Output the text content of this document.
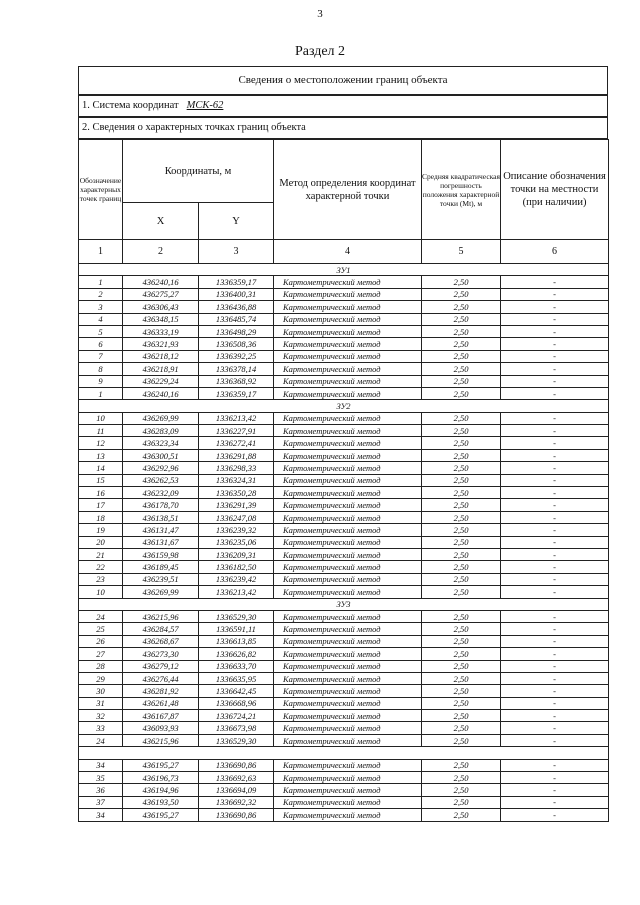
3
Раздел 2
Сведения о местоположении границ объекта
1. Система координат МСК-62
2. Сведения о характерных точках границ объекта
Обозначение характерных точек границ	Координаты, м		Метод определения координат характерной точки	Средняя квадратическая погрешность положения характерной точки (Mt), м	Описание обозначения точки на местности (при наличии)
	X	Y			
1	2	3	4	5	6
ЗУ1					
1	436240,16	1336359,17	Картометрический метод	2,50	-
2	436275,27	1336400,31	Картометрический метод	2,50	-
3	436306,43	1336436,88	Картометрический метод	2,50	-
4	436348,15	1336485,74	Картометрический метод	2,50	-
5	436333,19	1336498,29	Картометрический метод	2,50	-
6	436321,93	1336508,36	Картометрический метод	2,50	-
7	436218,12	1336392,25	Картометрический метод	2,50	-
8	436218,91	1336378,14	Картометрический метод	2,50	-
9	436229,24	1336368,92	Картометрический метод	2,50	-
1	436240,16	1336359,17	Картометрический метод	2,50	-
ЗУ2					
10	436269,99	1336213,42	Картометрический метод	2,50	-
11	436283,09	1336227,91	Картометрический метод	2,50	-
12	436323,34	1336272,41	Картометрический метод	2,50	-
13	436300,51	1336291,88	Картометрический метод	2,50	-
14	436292,96	1336298,33	Картометрический метод	2,50	-
15	436262,53	1336324,31	Картометрический метод	2,50	-
16	436232,09	1336350,28	Картометрический метод	2,50	-
17	436178,70	1336291,39	Картометрический метод	2,50	-
18	436138,51	1336247,08	Картометрический метод	2,50	-
19	436131,47	1336239,32	Картометрический метод	2,50	-
20	436131,67	1336235,06	Картометрический метод	2,50	-
21	436159,98	1336209,31	Картометрический метод	2,50	-
22	436189,45	1336182,50	Картометрический метод	2,50	-
23	436239,51	1336239,42	Картометрический метод	2,50	-
10	436269,99	1336213,42	Картометрический метод	2,50	-
ЗУ3					
24	436215,96	1336529,30	Картометрический метод	2,50	-
25	436284,57	1336591,11	Картометрический метод	2,50	-
26	436268,67	1336613,85	Картометрический метод	2,50	-
27	436273,30	1336626,82	Картометрический метод	2,50	-
28	436279,12	1336633,70	Картометрический метод	2,50	-
29	436276,44	1336635,95	Картометрический метод	2,50	-
30	436281,92	1336642,45	Картометрический метод	2,50	-
31	436261,48	1336668,96	Картометрический метод	2,50	-
32	436167,87	1336724,21	Картометрический метод	2,50	-
33	436093,93	1336673,98	Картометрический метод	2,50	-
24	436215,96	1336529,30	Картометрический метод	2,50	-

34	436195,27	1336690,86	Картометрический метод	2,50	-
35	436196,73	1336692,63	Картометрический метод	2,50	-
36	436194,96	1336694,09	Картометрический метод	2,50	-
37	436193,50	1336692,32	Картометрический метод	2,50	-
34	436195,27	1336690,86	Картометрический метод	2,50	-
